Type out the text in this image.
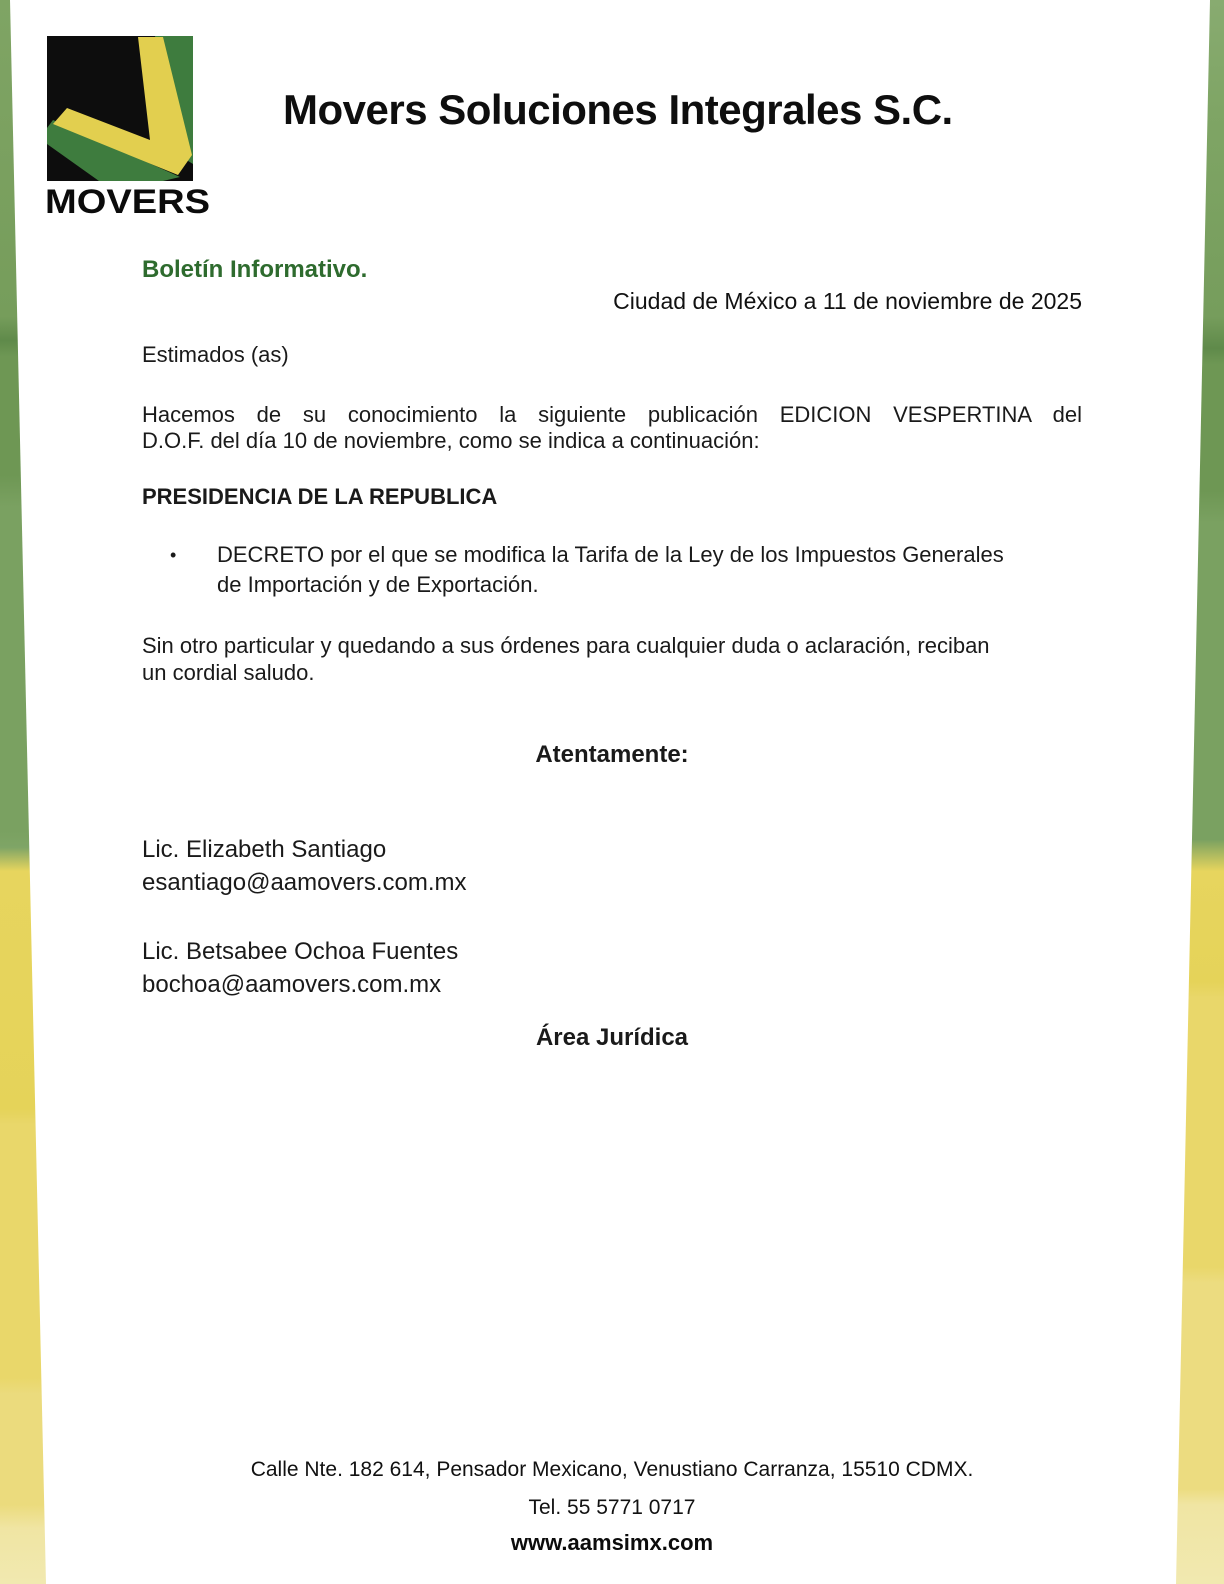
MOVERS
Movers Soluciones Integrales S.C.
Boletín Informativo.
Ciudad de México a 11 de noviembre de 2025
Estimados (as)
Hacemos de su conocimiento la siguiente publicación EDICION VESPERTINA del
D.O.F. del día 10 de noviembre, como se indica a continuación:
PRESIDENCIA DE LA REPUBLICA
• DECRETO por el que se modifica la Tarifa de la Ley de los Impuestos Generales
de Importación y de Exportación.
Sin otro particular y quedando a sus órdenes para cualquier duda o aclaración, reciban
un cordial saludo.
Atentamente:
Lic. Elizabeth Santiago
esantiago@aamovers.com.mx
Lic. Betsabee Ochoa Fuentes
bochoa@aamovers.com.mx
Área Jurídica
Calle Nte. 182 614, Pensador Mexicano, Venustiano Carranza, 15510 CDMX.
Tel. 55 5771 0717
www.aamsimx.com
